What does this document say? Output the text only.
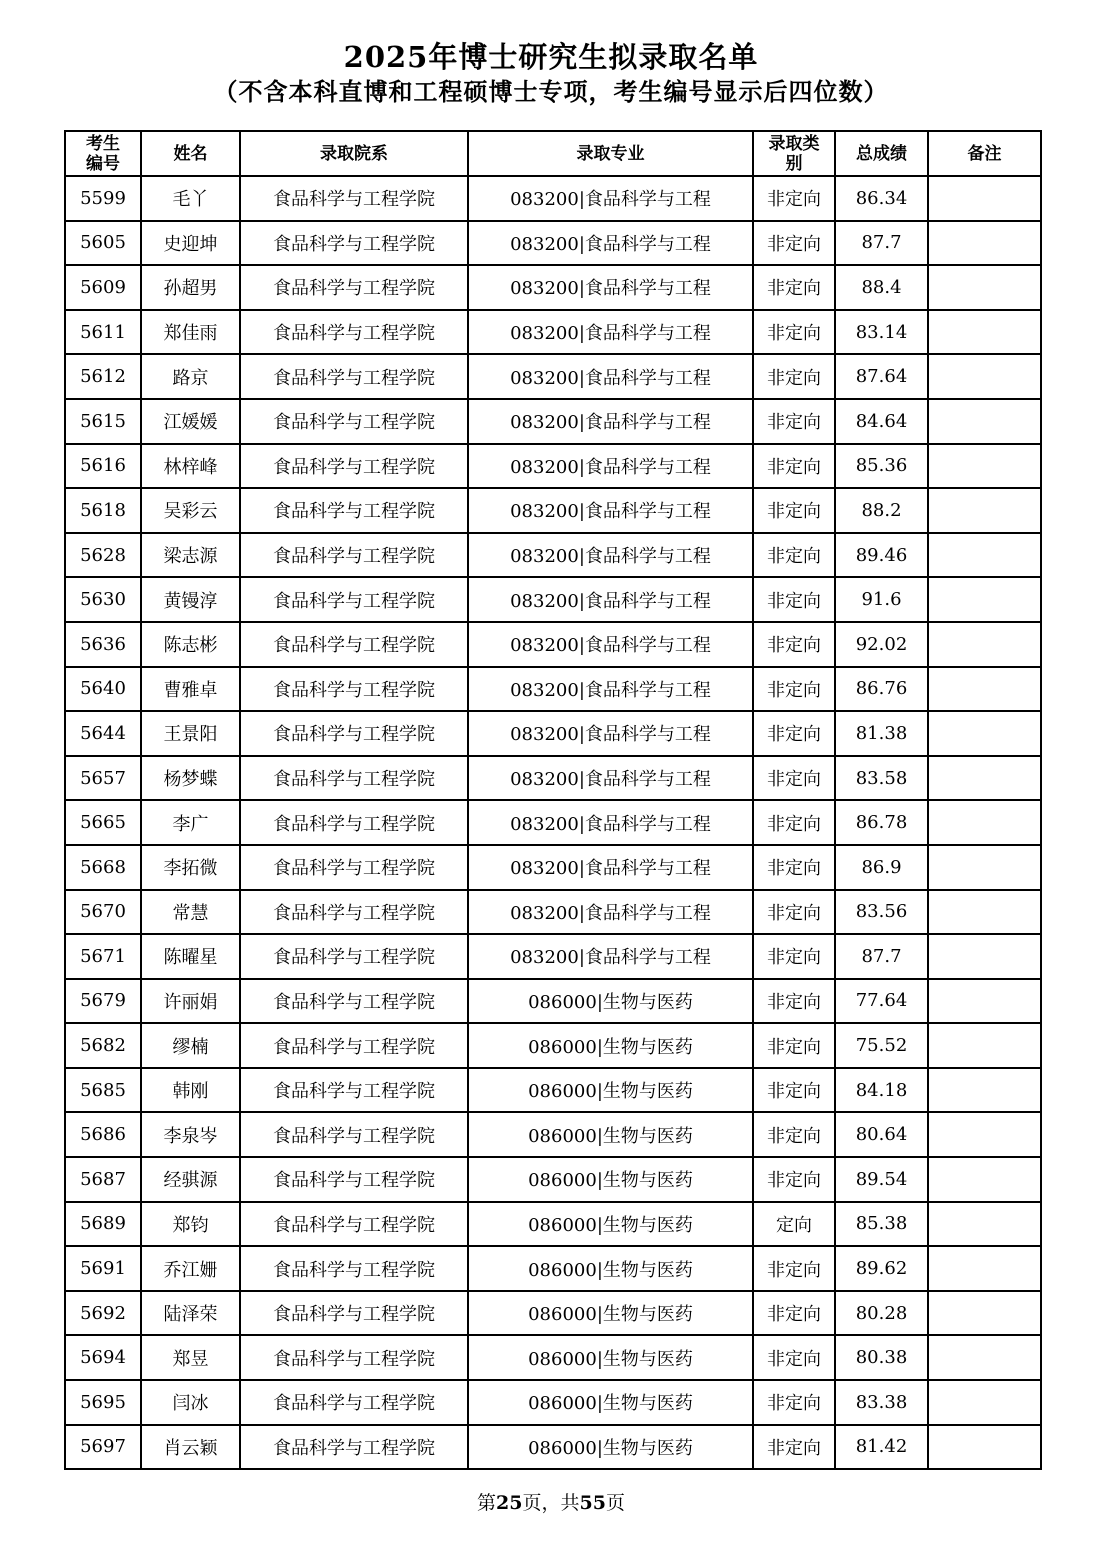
2025年博士研究生拟录取名单
（不含本科直博和工程硕博士专项，考生编号显示后四位数）
考生编号	姓名	录取院系	录取专业	录取类别	总成绩	备注
5599	毛丫	食品科学与工程学院	083200|食品科学与工程	非定向	86.34	
5605	史迎坤	食品科学与工程学院	083200|食品科学与工程	非定向	87.7	
5609	孙超男	食品科学与工程学院	083200|食品科学与工程	非定向	88.4	
5611	郑佳雨	食品科学与工程学院	083200|食品科学与工程	非定向	83.14	
5612	路京	食品科学与工程学院	083200|食品科学与工程	非定向	87.64	
5615	江媛媛	食品科学与工程学院	083200|食品科学与工程	非定向	84.64	
5616	林梓峰	食品科学与工程学院	083200|食品科学与工程	非定向	85.36	
5618	吴彩云	食品科学与工程学院	083200|食品科学与工程	非定向	88.2	
5628	梁志源	食品科学与工程学院	083200|食品科学与工程	非定向	89.46	
5630	黄镘淳	食品科学与工程学院	083200|食品科学与工程	非定向	91.6	
5636	陈志彬	食品科学与工程学院	083200|食品科学与工程	非定向	92.02	
5640	曹雅卓	食品科学与工程学院	083200|食品科学与工程	非定向	86.76	
5644	王景阳	食品科学与工程学院	083200|食品科学与工程	非定向	81.38	
5657	杨梦蝶	食品科学与工程学院	083200|食品科学与工程	非定向	83.58	
5665	李广	食品科学与工程学院	083200|食品科学与工程	非定向	86.78	
5668	李拓微	食品科学与工程学院	083200|食品科学与工程	非定向	86.9	
5670	常慧	食品科学与工程学院	083200|食品科学与工程	非定向	83.56	
5671	陈曜星	食品科学与工程学院	083200|食品科学与工程	非定向	87.7	
5679	许丽娟	食品科学与工程学院	086000|生物与医药	非定向	77.64	
5682	缪楠	食品科学与工程学院	086000|生物与医药	非定向	75.52	
5685	韩刚	食品科学与工程学院	086000|生物与医药	非定向	84.18	
5686	李泉岑	食品科学与工程学院	086000|生物与医药	非定向	80.64	
5687	经骐源	食品科学与工程学院	086000|生物与医药	非定向	89.54	
5689	郑钧	食品科学与工程学院	086000|生物与医药	定向	85.38	
5691	乔江姗	食品科学与工程学院	086000|生物与医药	非定向	89.62	
5692	陆泽荣	食品科学与工程学院	086000|生物与医药	非定向	80.28	
5694	郑昱	食品科学与工程学院	086000|生物与医药	非定向	80.38	
5695	闫冰	食品科学与工程学院	086000|生物与医药	非定向	83.38	
5697	肖云颖	食品科学与工程学院	086000|生物与医药	非定向	81.42	
第25页，共55页
